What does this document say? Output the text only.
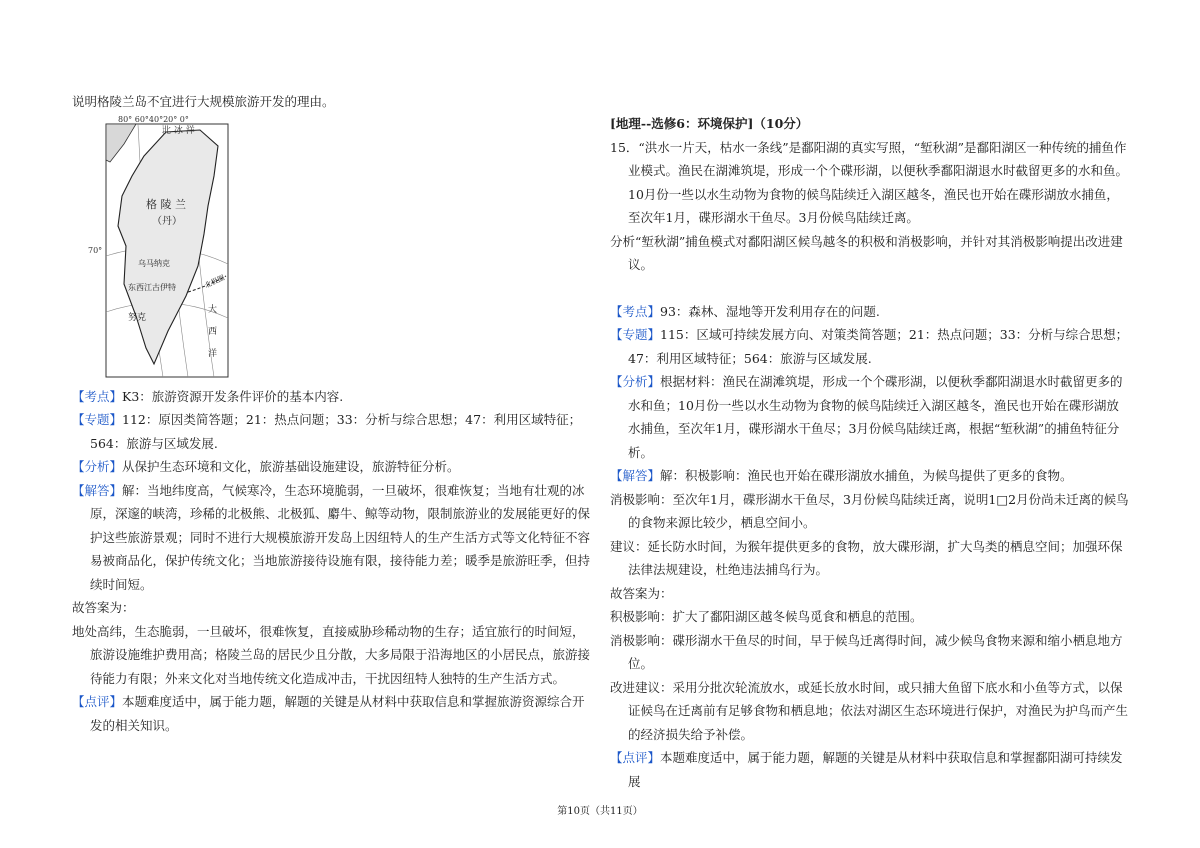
说明格陵兰岛不宜进行大规模旅游开发的理由。

80° 60°40°20° 0°
70°
北 冰 洋
格 陵 兰
（丹）
乌马纳克
东西江古伊特	北极圈
努克
大
西
洋

【考点】K3：旅游资源开发条件评价的基本内容.

【专题】112：原因类简答题；21：热点问题；33：分析与综合思想；47：利用区域特征；564：旅游与区域发展.

【分析】从保护生态环境和文化，旅游基础设施建设，旅游特征分析。

【解答】解：当地纬度高，气候寒冷，生态环境脆弱，一旦破坏，很难恢复；当地有壮观的冰原，深邃的峡湾，珍稀的北极熊、北极狐、麝牛、鲸等动物，限制旅游业的发展能更好的保护这些旅游景观；同时不进行大规模旅游开发岛上因纽特人的生产生活方式等文化特征不容易被商品化，保护传统文化；当地旅游接待设施有限，接待能力差；暖季是旅游旺季，但持续时间短。

故答案为：

地处高纬，生态脆弱，一旦破坏，很难恢复，直接威胁珍稀动物的生存；适宜旅行的时间短，旅游设施维护费用高；格陵兰岛的居民少且分散，大多局限于沿海地区的小居民点，旅游接待能力有限；外来文化对当地传统文化造成冲击，干扰因纽特人独特的生产生活方式。

【点评】本题难度适中，属于能力题，解题的关键是从材料中获取信息和掌握旅游资源综合开发的相关知识。

[地理--选修6：环境保护]（10分）

15．“洪水一片天，枯水一条线”是鄱阳湖的真实写照，“堑秋湖”是鄱阳湖区一种传统的捕鱼作业模式。渔民在湖滩筑堤，形成一个个碟形湖，以便秋季鄱阳湖退水时截留更多的水和鱼。10月份一些以水生动物为食物的候鸟陆续迁入湖区越冬，渔民也开始在碟形湖放水捕鱼，至次年1月，碟形湖水干鱼尽。3月份候鸟陆续迁离。

分析“堑秋湖”捕鱼模式对鄱阳湖区候鸟越冬的积极和消极影响，并针对其消极影响提出改进建议。

【考点】93：森林、湿地等开发利用存在的问题.

【专题】115：区域可持续发展方向、对策类简答题；21：热点问题；33：分析与综合思想；47：利用区域特征；564：旅游与区域发展.

【分析】根据材料：渔民在湖滩筑堤，形成一个个碟形湖，以便秋季鄱阳湖退水时截留更多的水和鱼；10月份一些以水生动物为食物的候鸟陆续迁入湖区越冬，渔民也开始在碟形湖放水捕鱼，至次年1月，碟形湖水干鱼尽；3月份候鸟陆续迁离，根据“堑秋湖”的捕鱼特征分析。

【解答】解：积极影响：渔民也开始在碟形湖放水捕鱼，为候鸟提供了更多的食物。

消极影响：至次年1月，碟形湖水干鱼尽，3月份候鸟陆续迁离，说明1□2月份尚未迁离的候鸟的食物来源比较少，栖息空间小。

建议：延长防水时间，为猴年提供更多的食物，放大碟形湖，扩大鸟类的栖息空间；加强环保法律法规建设，杜绝违法捕鸟行为。

故答案为：

积极影响：扩大了鄱阳湖区越冬候鸟觅食和栖息的范围。

消极影响：碟形湖水干鱼尽的时间，早于候鸟迁离得时间，减少候鸟食物来源和缩小栖息地方位。

改进建议：采用分批次轮流放水，或延长放水时间，或只捕大鱼留下底水和小鱼等方式，以保证候鸟在迁离前有足够食物和栖息地；依法对湖区生态环境进行保护，对渔民为护鸟而产生的经济损失给予补偿。

【点评】本题难度适中，属于能力题，解题的关键是从材料中获取信息和掌握鄱阳湖可持续发展

第10页（共11页）
